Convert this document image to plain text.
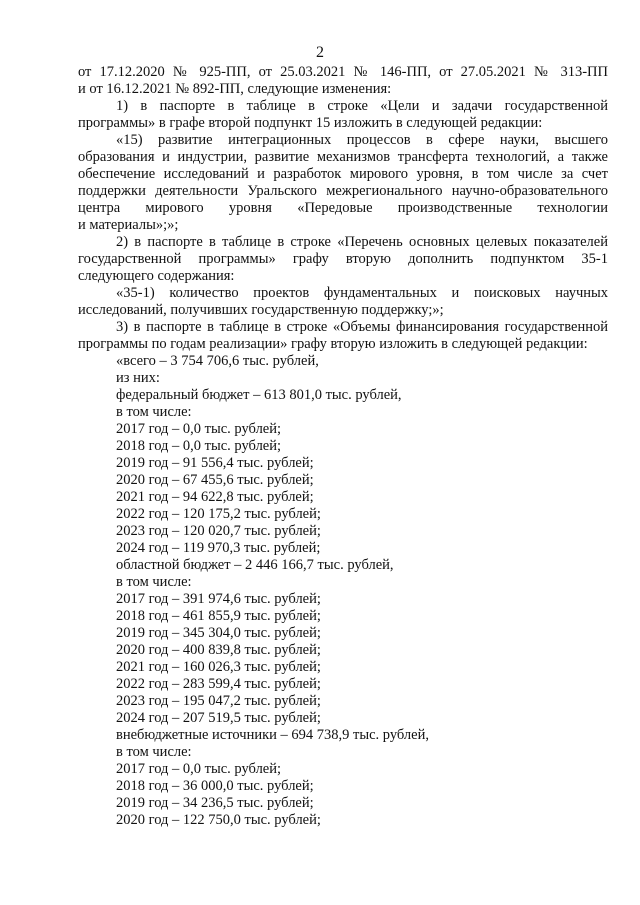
2
от 17.12.2020 № 925-ПП, от 25.03.2021 № 146-ПП, от 27.05.2021 № 313-ПП
и от 16.12.2021 № 892-ПП, следующие изменения:
1) в паспорте в таблице в строке «Цели и задачи государственной
программы» в графе второй подпункт 15 изложить в следующей редакции:
«15) развитие интеграционных процессов в сфере науки, высшего
образования и индустрии, развитие механизмов трансферта технологий, а также
обеспечение исследований и разработок мирового уровня, в том числе за счет
поддержки деятельности Уральского межрегионального научно-образовательного
центра мирового уровня «Передовые производственные технологии
и материалы»;»;
2) в паспорте в таблице в строке «Перечень основных целевых показателей
государственной программы» графу вторую дополнить подпунктом 35-1
следующего содержания:
«35-1) количество проектов фундаментальных и поисковых научных
исследований, получивших государственную поддержку;»;
3) в паспорте в таблице в строке «Объемы финансирования государственной
программы по годам реализации» графу вторую изложить в следующей редакции:
«всего – 3 754 706,6 тыс. рублей,
из них:
федеральный бюджет – 613 801,0 тыс. рублей,
в том числе:
2017 год – 0,0 тыс. рублей;
2018 год – 0,0 тыс. рублей;
2019 год – 91 556,4 тыс. рублей;
2020 год – 67 455,6 тыс. рублей;
2021 год – 94 622,8 тыс. рублей;
2022 год – 120 175,2 тыс. рублей;
2023 год – 120 020,7 тыс. рублей;
2024 год – 119 970,3 тыс. рублей;
областной бюджет – 2 446 166,7 тыс. рублей,
в том числе:
2017 год – 391 974,6 тыс. рублей;
2018 год – 461 855,9 тыс. рублей;
2019 год – 345 304,0 тыс. рублей;
2020 год – 400 839,8 тыс. рублей;
2021 год – 160 026,3 тыс. рублей;
2022 год – 283 599,4 тыс. рублей;
2023 год – 195 047,2 тыс. рублей;
2024 год – 207 519,5 тыс. рублей;
внебюджетные источники – 694 738,9 тыс. рублей,
в том числе:
2017 год – 0,0 тыс. рублей;
2018 год – 36 000,0 тыс. рублей;
2019 год – 34 236,5 тыс. рублей;
2020 год – 122 750,0 тыс. рублей;
